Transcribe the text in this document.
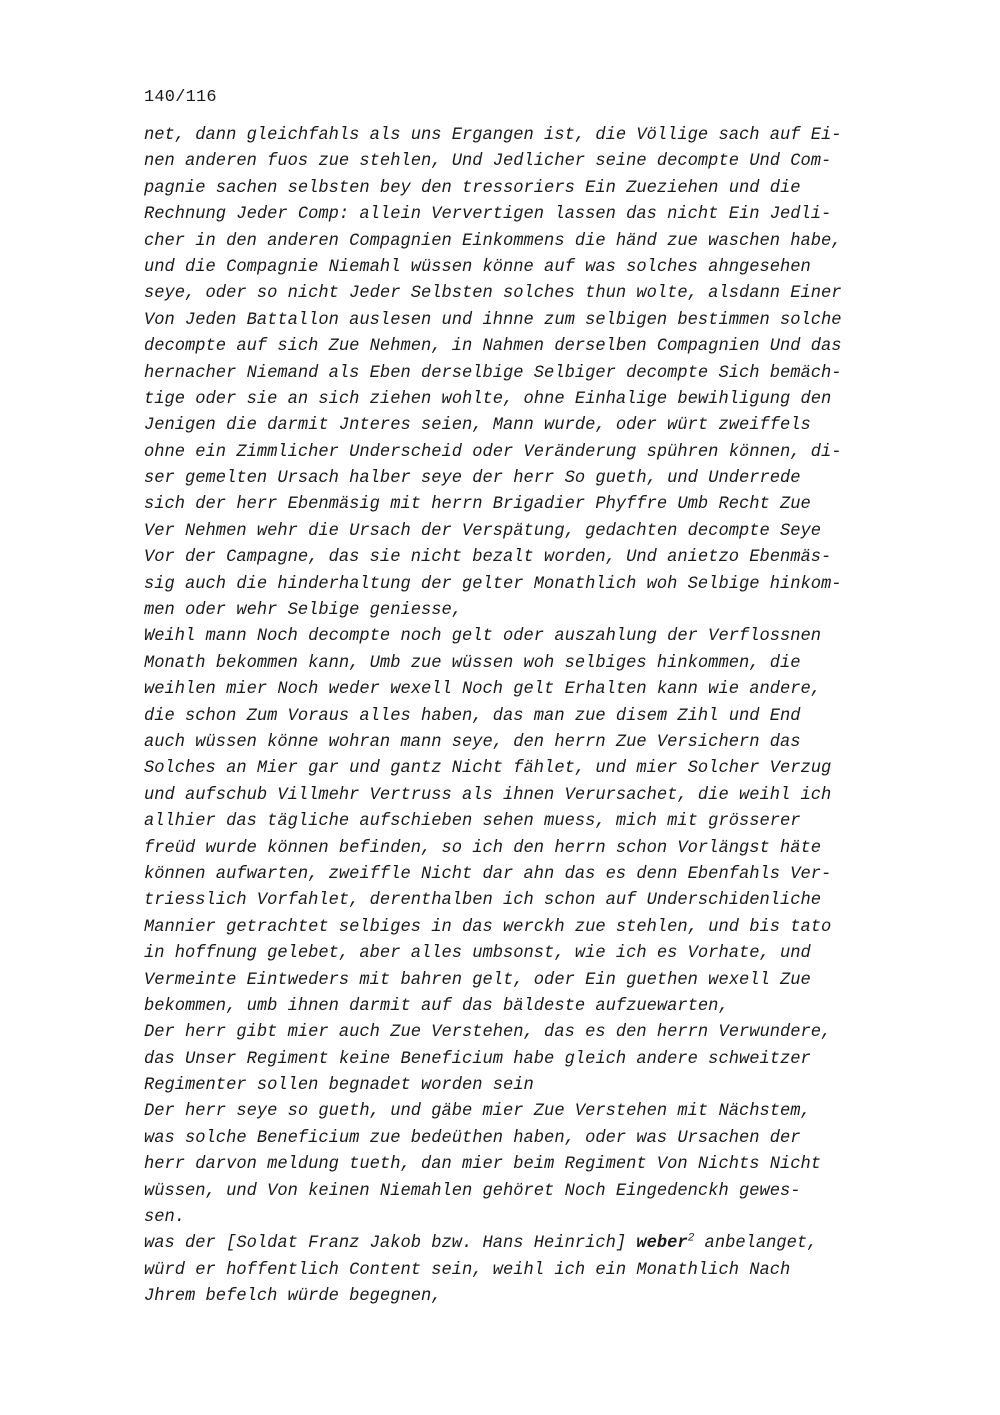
140/116
net, dann gleichfahls als uns Ergangen ist, die Völlige sach auf Ei-
nen anderen fuos zue stehlen, Und Jedlicher seine decompte Und Com-
pagnie sachen selbsten bey den tressoriers Ein Zueziehen und die
Rechnung Jeder Comp: allein Ververtigen lassen das nicht Ein Jedli-
cher in den anderen Compagnien Einkommens die händ zue waschen habe,
und die Compagnie Niemahl wüssen könne auf was solches ahngesehen
seye, oder so nicht Jeder Selbsten solches thun wolte, alsdann Einer
Von Jeden Battallon auslesen und ihnne zum selbigen bestimmen solche
decompte auf sich Zue Nehmen, in Nahmen derselben Compagnien Und das
hernacher Niemand als Eben derselbige Selbiger decompte Sich bemäch-
tige oder sie an sich ziehen wohlte, ohne Einhalige bewihligung den
Jenigen die darmit Jnteres seien, Mann wurde, oder würt zweiffels
ohne ein Zimmlicher Underscheid oder Veränderung spühren können, di-
ser gemelten Ursach halber seye der herr So gueth, und Underrede
sich der herr Ebenmäsig mit herrn Brigadier Phyffre Umb Recht Zue
Ver Nehmen wehr die Ursach der Verspätung, gedachten decompte Seye
Vor der Campagne, das sie nicht bezalt worden, Und anietzo Ebenmäs-
sig auch die hinderhaltung der gelter Monathlich woh Selbige hinkom-
men oder wehr Selbige geniesse,
Weihl mann Noch decompte noch gelt oder auszahlung der Verflossnen
Monath bekommen kann, Umb zue wüssen woh selbiges hinkommen, die
weihlen mier Noch weder wexell Noch gelt Erhalten kann wie andere,
die schon Zum Voraus alles haben, das man zue disem Zihl und End
auch wüssen könne wohran mann seye, den herrn Zue Versichern das
Solches an Mier gar und gantz Nicht fählet, und mier Solcher Verzug
und aufschub Villmehr Vertruss als ihnen Verursachet, die weihl ich
allhier das tägliche aufschieben sehen muess, mich mit grösserer
freüd wurde können befinden, so ich den herrn schon Vorlängst häte
können aufwarten, zweiffle Nicht dar ahn das es denn Ebenfahls Ver-
triesslich Vorfahlet, derenthalben ich schon auf Underschidenliche
Mannier getrachtet selbiges in das werckh zue stehlen, und bis tato
in hoffnung gelebet, aber alles umbsonst, wie ich es Vorhate, und
Vermeinte Eintweders mit bahren gelt, oder Ein guethen wexell Zue
bekommen, umb ihnen darmit auf das bäldeste aufzuewarten,
Der herr gibt mier auch Zue Verstehen, das es den herrn Verwundere,
das Unser Regiment keine Beneficium habe gleich andere schweitzer
Regimenter sollen begnadet worden sein
Der herr seye so gueth, und gäbe mier Zue Verstehen mit Nächstem,
was solche Beneficium zue bedeüthen haben, oder was Ursachen der
herr darvon meldung tueth, dan mier beim Regiment Von Nichts Nicht
wüssen, und Von keinen Niemahlen gehöret Noch Eingedenckh gewes-
sen.
was der [Soldat Franz Jakob bzw. Hans Heinrich] weber$^2$ anbelanget,
würd er hoffentlich Content sein, weihl ich ein Monathlich Nach
Jhrem befelch würde begegnen,
